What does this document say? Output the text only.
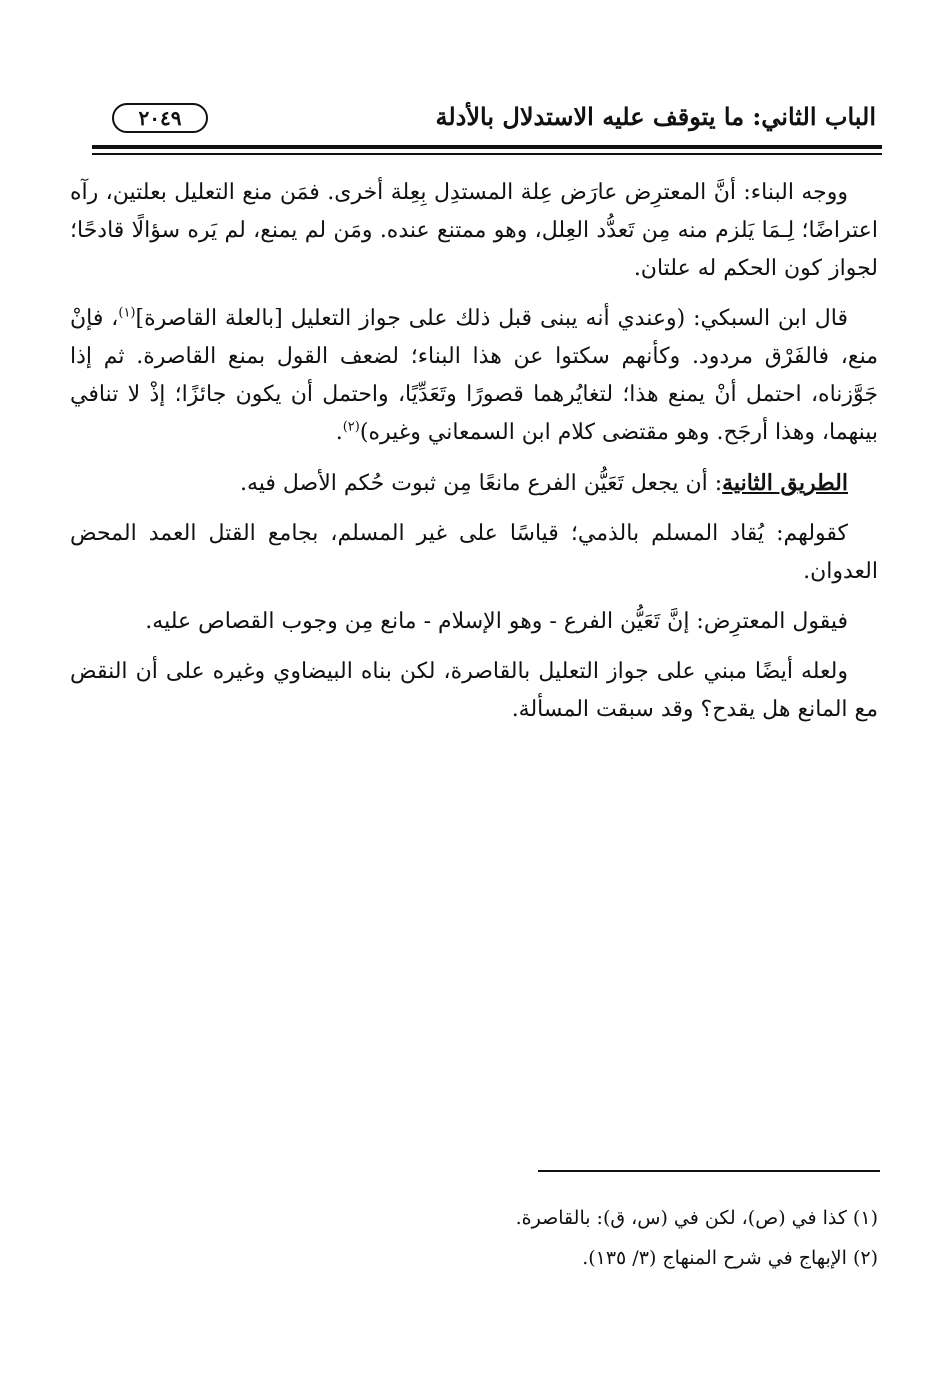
الباب الثاني: ما يتوقف عليه الاستدلال بالأدلة
٢٠٤٩

ووجه البناء: أنَّ المعترِض عارَض عِلة المستدِل بِعِلة أخرى. فمَن منع التعليل بعلتين، رآه اعتراضًا؛ لِـمَا يَلزم منه مِن تَعدُّد العِلل، وهو ممتنع عنده. ومَن لم يمنع، لم يَره سؤالًا قادحًا؛ لجواز كون الحكم له علتان.

قال ابن السبكي: (وعندي أنه يبنى قبل ذلك على جواز التعليل [بالعلة القاصرة]$^{(١)}$، فإنْ منع، فالفَرْق مردود. وكأنهم سكتوا عن هذا البناء؛ لضعف القول بمنع القاصرة. ثم إذا جَوَّزناه، احتمل أنْ يمنع هذا؛ لتغايُرهما قصورًا وتَعَدِّيًا، واحتمل أن يكون جائزًا؛ إذْ لا تنافي بينهما، وهذا أرجَح. وهو مقتضى كلام ابن السمعاني وغيره)$^{(٢)}$.

الطريق الثانية: أن يجعل تَعَيُّن الفرع مانعًا مِن ثبوت حُكم الأصل فيه.

كقولهم: يُقاد المسلم بالذمي؛ قياسًا على غير المسلم، بجامع القتل العمد المحض العدوان.

فيقول المعترِض: إنَّ تَعَيُّن الفرع - وهو الإسلام - مانع مِن وجوب القصاص عليه.

ولعله أيضًا مبني على جواز التعليل بالقاصرة، لكن بناه البيضاوي وغيره على أن النقض مع المانع هل يقدح؟ وقد سبقت المسألة.

(١) كذا في (ص)، لكن في (س، ق): بالقاصرة.

(٢) الإبهاج في شرح المنهاج (٣/ ١٣٥).
